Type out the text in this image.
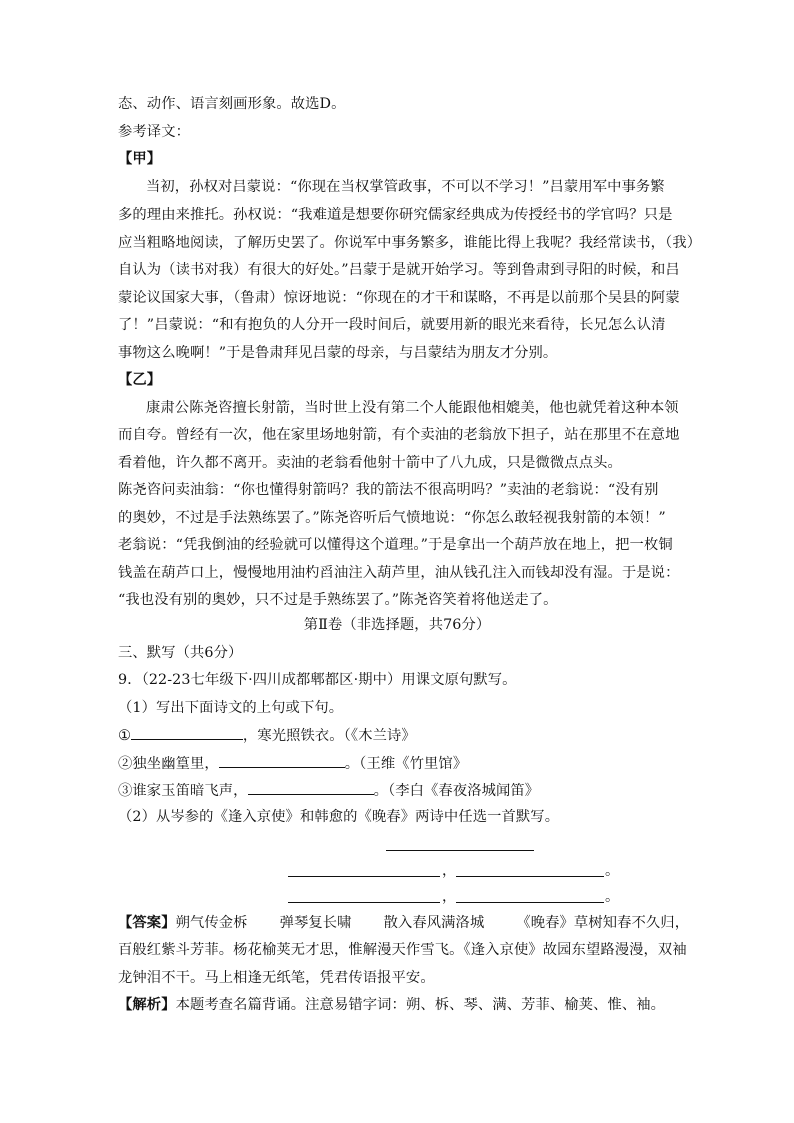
态、动作、语言刻画形象。故选D。
参考译文：
【甲】
当初，孙权对吕蒙说：“你现在当权掌管政事，不可以不学习！”吕蒙用军中事务繁
多的理由来推托。孙权说：“我难道是想要你研究儒家经典成为传授经书的学官吗？只是
应当粗略地阅读，了解历史罢了。你说军中事务繁多，谁能比得上我呢？我经常读书，（我）
自认为（读书对我）有很大的好处。”吕蒙于是就开始学习。等到鲁肃到寻阳的时候，和吕
蒙论议国家大事，（鲁肃）惊讶地说：“你现在的才干和谋略，不再是以前那个吴县的阿蒙
了！”吕蒙说：“和有抱负的人分开一段时间后，就要用新的眼光来看待，长兄怎么认清
事物这么晚啊！”于是鲁肃拜见吕蒙的母亲，与吕蒙结为朋友才分别。
【乙】
康肃公陈尧咨擅长射箭，当时世上没有第二个人能跟他相媲美，他也就凭着这种本领
而自夸。曾经有一次，他在家里场地射箭，有个卖油的老翁放下担子，站在那里不在意地
看着他，许久都不离开。卖油的老翁看他射十箭中了八九成，只是微微点点头。
陈尧咨问卖油翁：“你也懂得射箭吗？我的箭法不很高明吗？”卖油的老翁说：“没有别
的奥妙，不过是手法熟练罢了。”陈尧咨听后气愤地说：“你怎么敢轻视我射箭的本领！”
老翁说：“凭我倒油的经验就可以懂得这个道理。”于是拿出一个葫芦放在地上，把一枚铜
钱盖在葫芦口上，慢慢地用油杓舀油注入葫芦里，油从钱孔注入而钱却没有湿。于是说：
“我也没有别的奥妙，只不过是手熟练罢了。”陈尧咨笑着将他送走了。
第Ⅱ卷（非选择题，共76分）
三、默写（共6分）
9．（22-23七年级下·四川成都郫都区·期中）用课文原句默写。
（1）写出下面诗文的上句或下句。
①	，寒光照铁衣。（《木兰诗》
②独坐幽篁里，	。（王维《竹里馆》
③谁家玉笛暗飞声，	。（李白《春夜洛城闻笛》
（2）从岑参的《逢入京使》和韩愈的《晚春》两诗中任选一首默写。
，	。
，	。
【答案】朔气传金柝 弹琴复长啸 散入春风满洛城 《晚春》草树知春不久归，
百般红紫斗芳菲。杨花榆荚无才思，惟解漫天作雪飞。《逢入京使》故园东望路漫漫，双袖
龙钟泪不干。马上相逢无纸笔，凭君传语报平安。
【解析】本题考查名篇背诵。注意易错字词：朔、柝、琴、满、芳菲、榆荚、惟、袖。
